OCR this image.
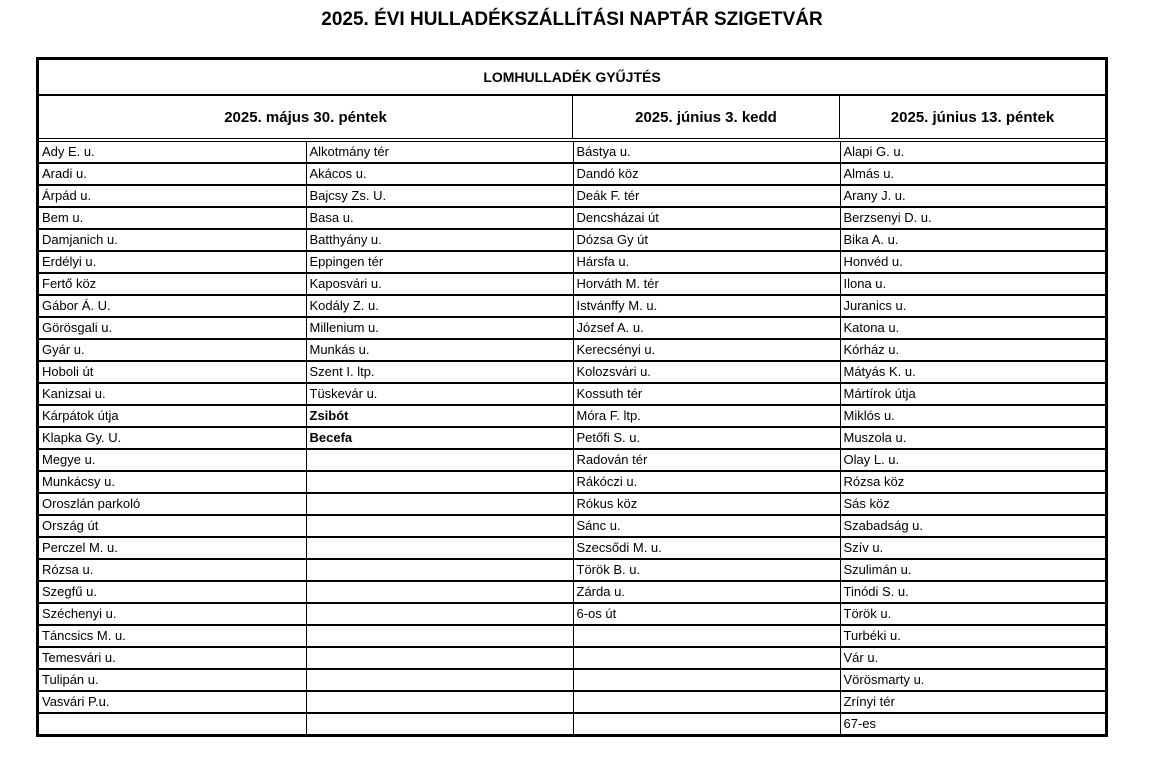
2025. ÉVI HULLADÉKSZÁLLÍTÁSI NAPTÁR SZIGETVÁR
LOMHULLADÉK GYŰJTÉS
2025. május 30. péntek	2025. június 3. kedd	2025. június 13. péntek
Ady E. u.	Alkotmány tér	Bástya u.	Alapi G. u.
Aradi u.	Akácos u.	Dandó köz	Almás u.
Árpád u.	Bajcsy Zs. U.	Deák F. tér	Arany J. u.
Bem u.	Basa u.	Dencsházai út	Berzsenyi D. u.
Damjanich u.	Batthyány u.	Dózsa Gy út	Bika A. u.
Erdélyi u.	Eppingen tér	Hársfa u.	Honvéd u.
Fertő köz	Kaposvári u.	Horváth M. tér	Ilona u.
Gábor Á. U.	Kodály Z. u.	Istvánffy M. u.	Juranics u.
Görösgali u.	Millenium u.	József A. u.	Katona u.
Gyár u.	Munkás u.	Kerecsényi u.	Kórház u.
Hoboli út	Szent I. ltp.	Kolozsvári u.	Mátyás K. u.
Kanizsai u.	Tüskevár u.	Kossuth tér	Mártírok útja
Kárpátok útja	Zsibót	Móra F. ltp.	Miklós u.
Klapka Gy. U.	Becefa	Petőfi S. u.	Muszola u.
Megye u.		Radován tér	Olay L. u.
Munkácsy u.		Rákóczi u.	Rózsa köz
Oroszlán parkoló		Rókus köz	Sás köz
Ország út		Sánc u.	Szabadság u.
Perczel M. u.		Szecsődi M. u.	Szív u.
Rózsa u.		Török B. u.	Szulimán u.
Szegfű u.		Zárda u.	Tinódi S. u.
Széchenyi u.		6-os út	Török u.
Táncsics M. u.			Turbéki u.
Temesvári u.			Vár u.
Tulipán u.			Vörösmarty u.
Vasvári P.u.			Zrínyi tér
			67-es
